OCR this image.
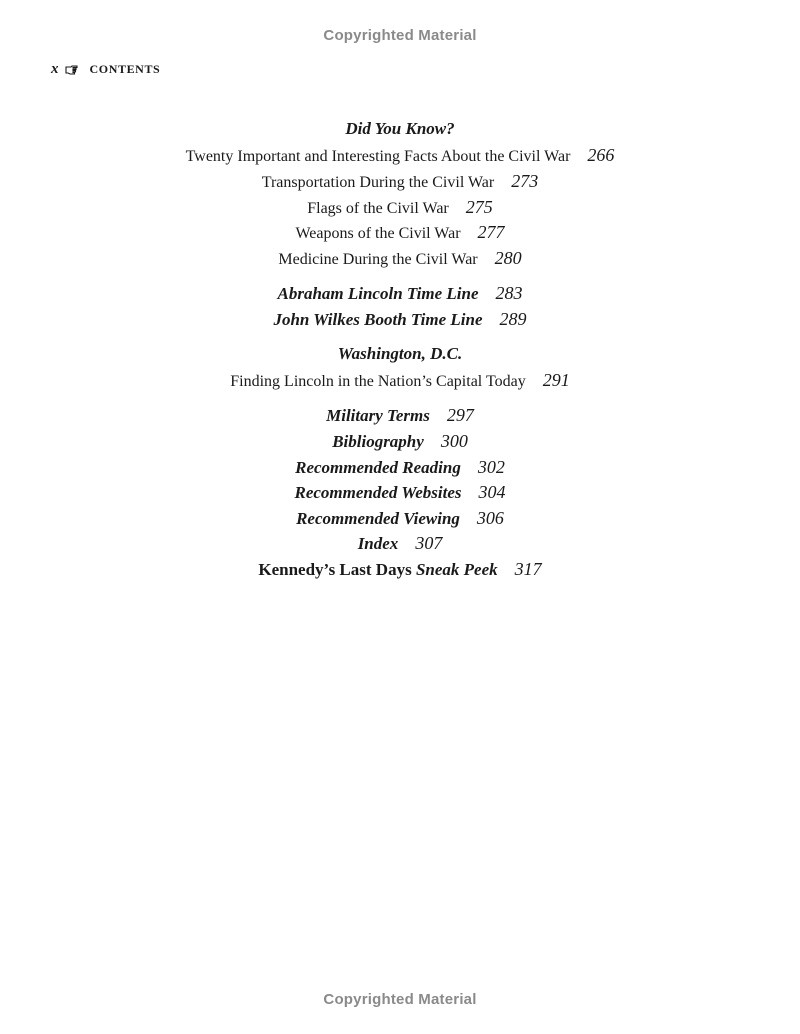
Copyrighted Material
x	CONTENTS
Did You Know?
Twenty Important and Interesting Facts About the Civil War 266
Transportation During the Civil War 273
Flags of the Civil War 275
Weapons of the Civil War 277
Medicine During the Civil War 280
Abraham Lincoln Time Line 283
John Wilkes Booth Time Line 289
Washington, D.C.
Finding Lincoln in the Nation’s Capital Today 291
Military Terms 297
Bibliography 300
Recommended Reading 302
Recommended Websites 304
Recommended Viewing 306
Index 307
Kennedy’s Last Days Sneak Peek 317
Copyrighted Material
